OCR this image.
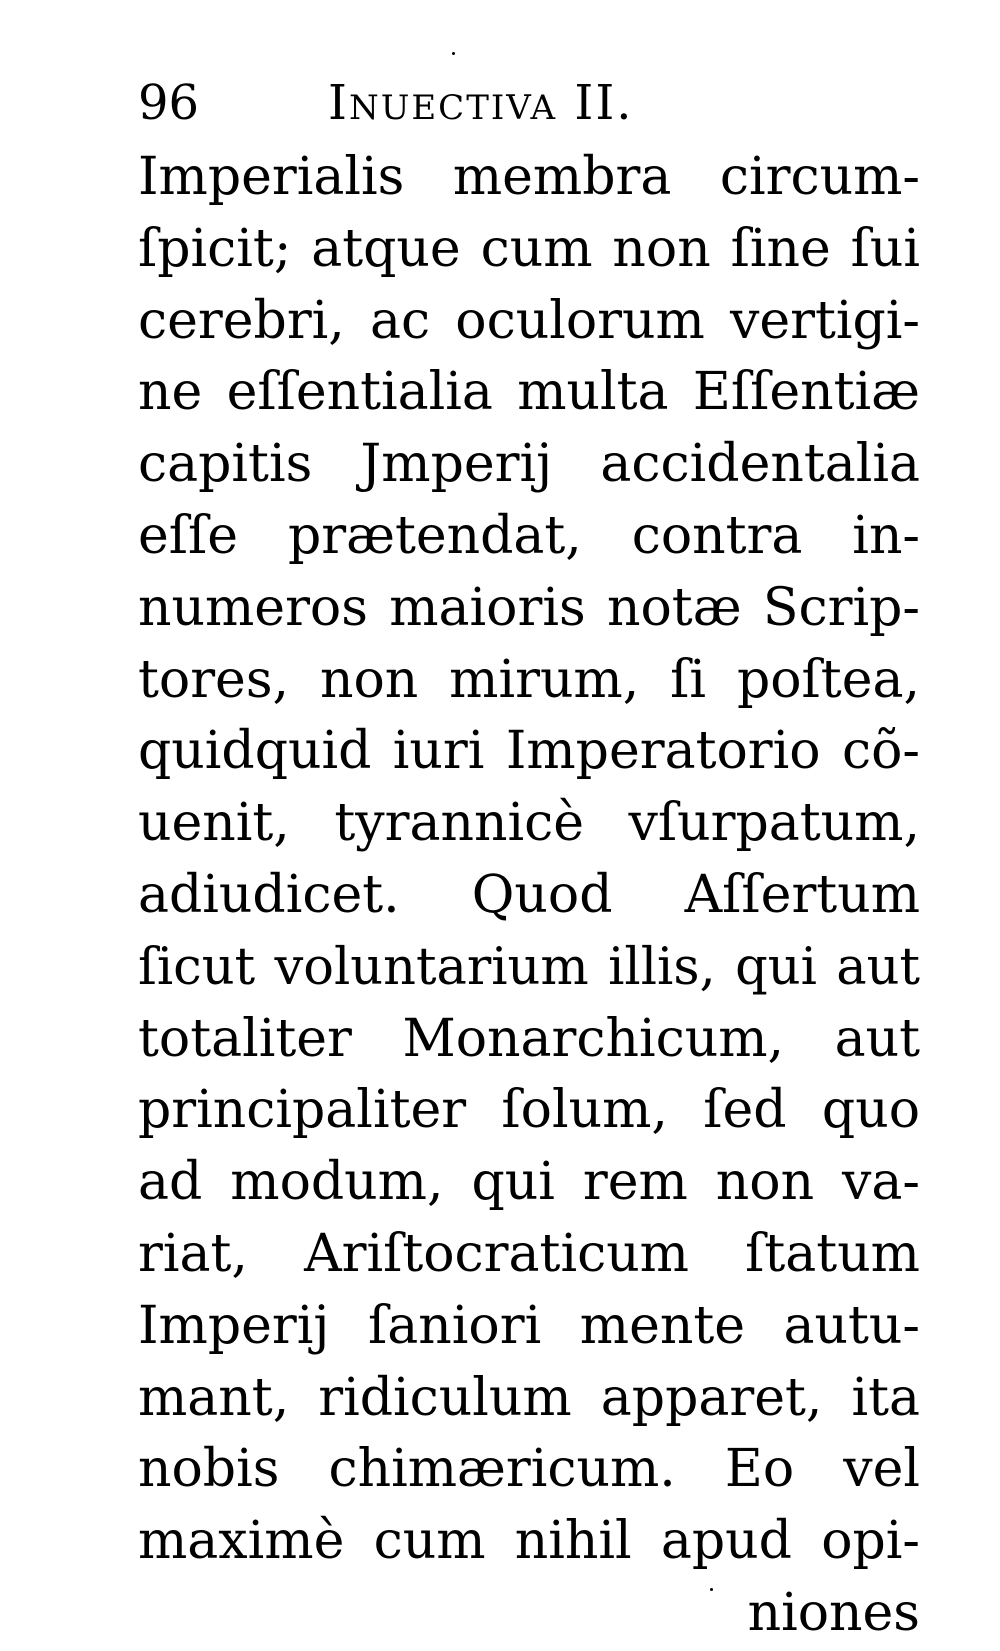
96	Inuectiva II.
Imperialis membra circum-
ſpicit; atque cum non ſine ſui
cerebri, ac oculorum vertigi-
ne eſſentialia multa Eſſentiæ
capitis Jmperij accidentalia
eſſe prætendat, contra in-
numeros maioris notæ Scrip-
tores, non mirum, ſi poſtea,
quidquid iuri Imperatorio cõ-
uenit, tyrannicè vſurpatum,
adiudicet. Quod Aſſertum
ſicut voluntarium illis, qui aut
totaliter Monarchicum, aut
principaliter ſolum, ſed quo
ad modum, qui rem non va-
riat, Ariſtocraticum ſtatum
Imperij ſaniori mente autu-
mant, ridiculum apparet, ita
nobis chimæricum. Eo vel
maximè cum nihil apud opi-
niones
